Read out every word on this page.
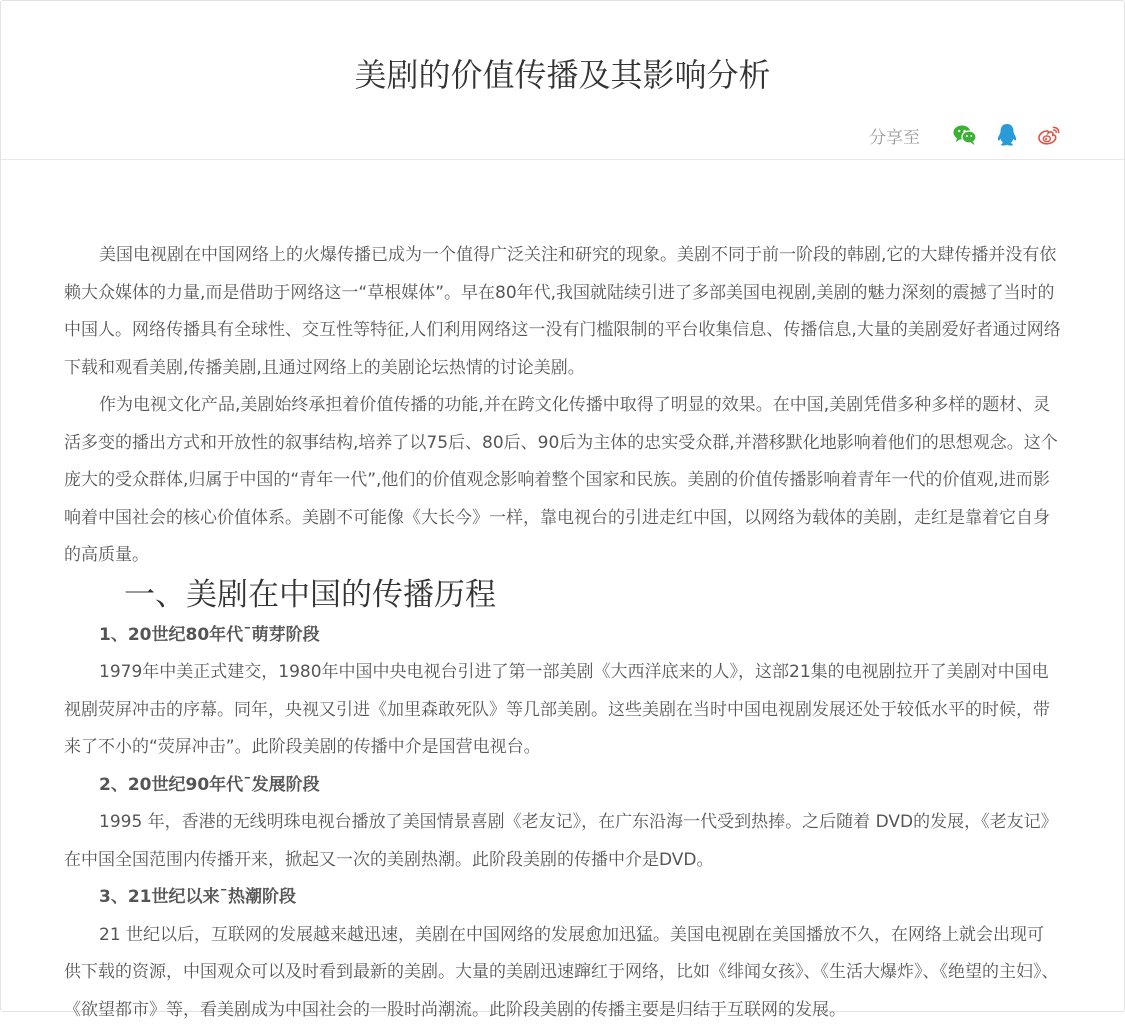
美剧的价值传播及其影响分析
分享至

美国电视剧在中国网络上的火爆传播已成为一个值得广泛关注和研究的现象。美剧不同于前一阶段的韩剧,它的大肆传播并没有依赖大众媒体的力量,而是借助于网络这一“草根媒体”。早在80年代,我国就陆续引进了多部美国电视剧,美剧的魅力深刻的震撼了当时的中国人。网络传播具有全球性、交互性等特征,人们利用网络这一没有门槛限制的平台收集信息、传播信息,大量的美剧爱好者通过网络下载和观看美剧,传播美剧,且通过网络上的美剧论坛热情的讨论美剧。

作为电视文化产品,美剧始终承担着价值传播的功能,并在跨文化传播中取得了明显的效果。在中国,美剧凭借多种多样的题材、灵活多变的播出方式和开放性的叙事结构,培养了以75后、80后、90后为主体的忠实受众群,并潜移默化地影响着他们的思想观念。这个庞大的受众群体,归属于中国的“青年一代”,他们的价值观念影响着整个国家和民族。美剧的价值传播影响着青年一代的价值观,进而影响着中国社会的核心价值体系。美剧不可能像《大长今》一样，靠电视台的引进走红中国，以网络为载体的美剧，走红是靠着它自身的高质量。

一、美剧在中国的传播历程

1、20世纪80年代¯萌芽阶段

1979年中美正式建交，1980年中国中央电视台引进了第一部美剧《大西洋底来的人》，这部21集的电视剧拉开了美剧对中国电视剧荧屏冲击的序幕。同年，央视又引进《加里森敢死队》等几部美剧。这些美剧在当时中国电视剧发展还处于较低水平的时候，带来了不小的“荧屏冲击”。此阶段美剧的传播中介是国营电视台。

2、20世纪90年代¯发展阶段

1995 年，香港的无线明珠电视台播放了美国情景喜剧《老友记》，在广东沿海一代受到热捧。之后随着 DVD的发展，《老友记》在中国全国范围内传播开来，掀起又一次的美剧热潮。此阶段美剧的传播中介是DVD。

3、21世纪以来¯热潮阶段

21 世纪以后，互联网的发展越来越迅速，美剧在中国网络的发展愈加迅猛。美国电视剧在美国播放不久，在网络上就会出现可供下载的资源，中国观众可以及时看到最新的美剧。大量的美剧迅速蹿红于网络，比如《绯闻女孩》、《生活大爆炸》、《绝望的主妇》、《欲望都市》等，看美剧成为中国社会的一股时尚潮流。此阶段美剧的传播主要是归结于互联网的发展。
